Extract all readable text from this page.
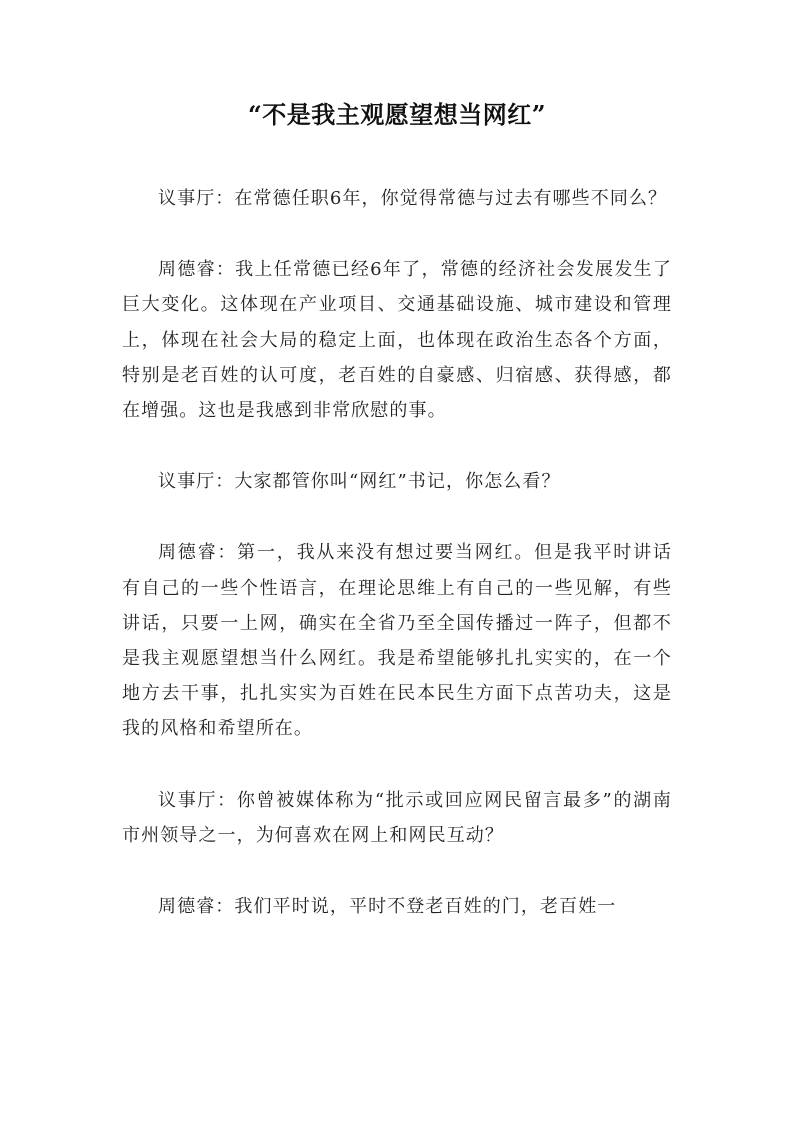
“不是我主观愿望想当网红”

议事厅：在常德任职6年，你觉得常德与过去有哪些不同么？

周德睿：我上任常德已经6年了，常德的经济社会发展发生了巨大变化。这体现在产业项目、交通基础设施、城市建设和管理上，体现在社会大局的稳定上面，也体现在政治生态各个方面，特别是老百姓的认可度，老百姓的自豪感、归宿感、获得感，都在增强。这也是我感到非常欣慰的事。

议事厅：大家都管你叫“网红”书记，你怎么看？

周德睿：第一，我从来没有想过要当网红。但是我平时讲话有自己的一些个性语言，在理论思维上有自己的一些见解，有些讲话，只要一上网，确实在全省乃至全国传播过一阵子，但都不是我主观愿望想当什么网红。我是希望能够扎扎实实的，在一个地方去干事，扎扎实实为百姓在民本民生方面下点苦功夫，这是我的风格和希望所在。

议事厅：你曾被媒体称为“批示或回应网民留言最多”的湖南市州领导之一，为何喜欢在网上和网民互动？

周德睿：我们平时说，平时不登老百姓的门，老百姓一
